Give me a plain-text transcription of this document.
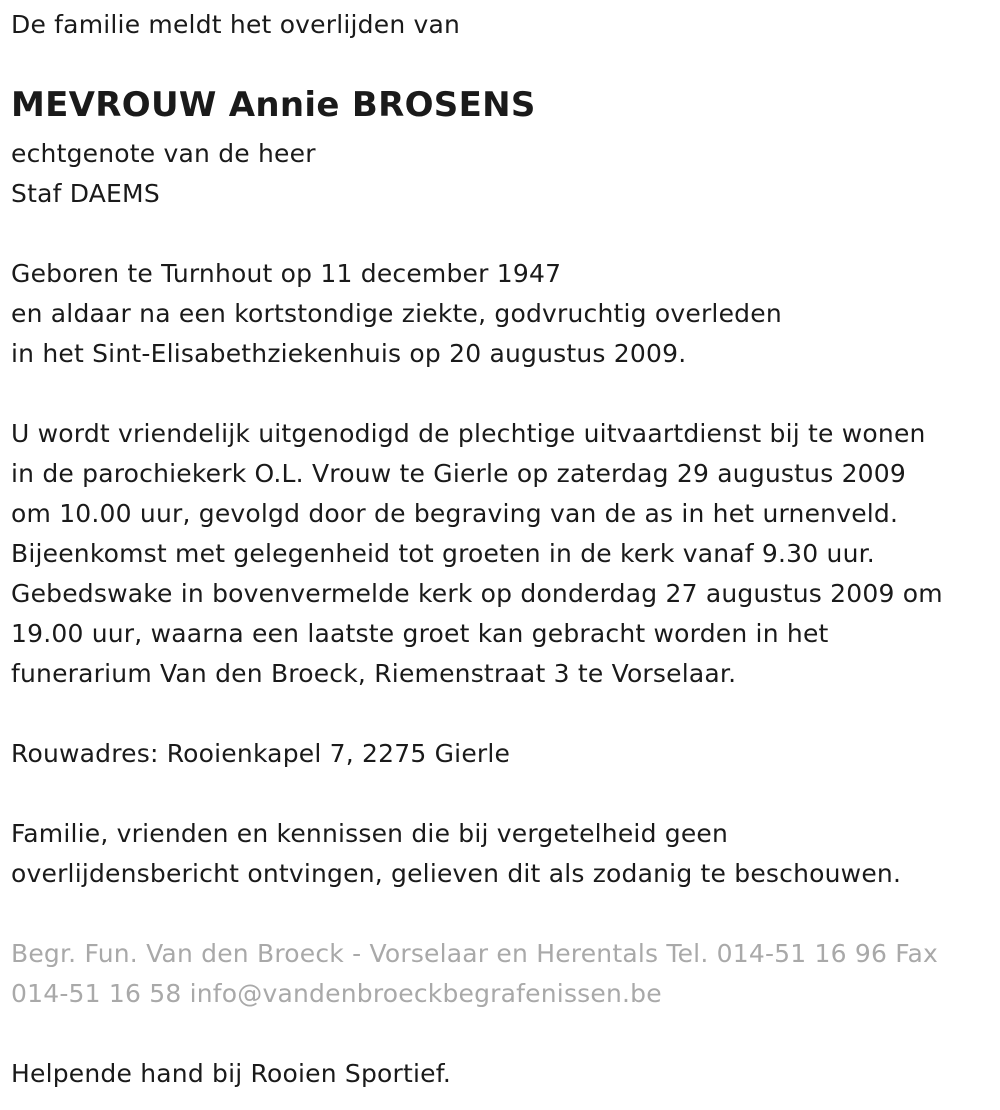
De familie meldt het overlijden van
MEVROUW Annie BROSENS
echtgenote van de heer
Staf DAEMS
Geboren te Turnhout op 11 december 1947
en aldaar na een kortstondige ziekte, godvruchtig overleden
in het Sint-Elisabethziekenhuis op 20 augustus 2009.
U wordt vriendelijk uitgenodigd de plechtige uitvaartdienst bij te wonen
in de parochiekerk O.L. Vrouw te Gierle op zaterdag 29 augustus 2009
om 10.00 uur, gevolgd door de begraving van de as in het urnenveld.
Bijeenkomst met gelegenheid tot groeten in de kerk vanaf 9.30 uur.
Gebedswake in bovenvermelde kerk op donderdag 27 augustus 2009 om
19.00 uur, waarna een laatste groet kan gebracht worden in het
funerarium Van den Broeck, Riemenstraat 3 te Vorselaar.
Rouwadres: Rooienkapel 7, 2275 Gierle
Familie, vrienden en kennissen die bij vergetelheid geen
overlijdensbericht ontvingen, gelieven dit als zodanig te beschouwen.
Begr. Fun. Van den Broeck - Vorselaar en Herentals Tel. 014-51 16 96 Fax
014-51 16 58 info@vandenbroeckbegrafenissen.be
Helpende hand bij Rooien Sportief.
